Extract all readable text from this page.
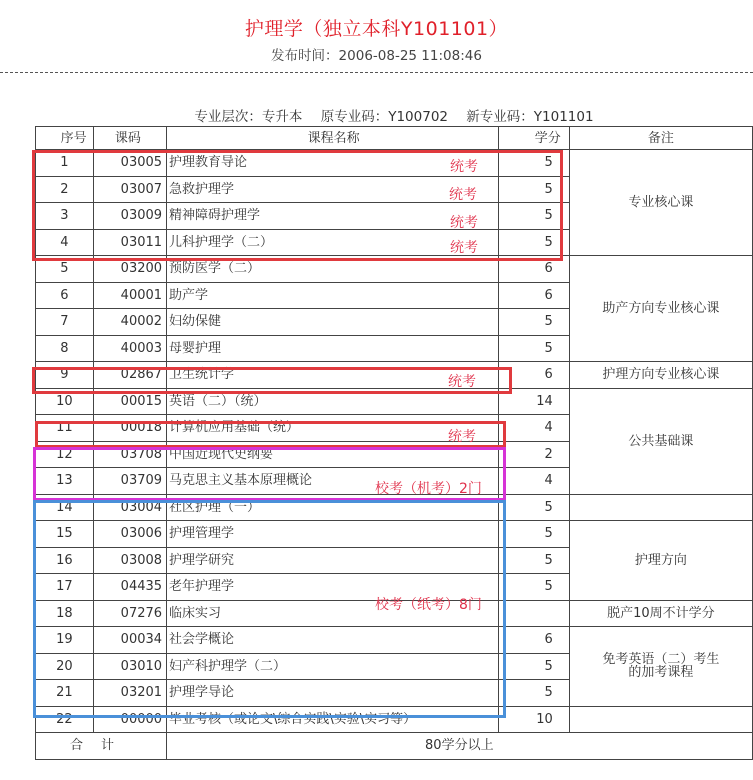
护理学（独立本科Y101101）
发布时间：2006-08-25 11:08:46
专业层次：专升本 原专业码：Y100702 新专业码：Y101101
序号	课码	课程名称	学分	备注
1	03005	护理教育导论	5	专业核心课
2	03007	急救护理学	5	
3	03009	精神障碍护理学	5	
4	03011	儿科护理学（二）	5	
5	03200	预防医学（二）	6	助产方向专业核心课
6	40001	助产学	6	
7	40002	妇幼保健	5	
8	40003	母婴护理	5	
9	02867	卫生统计学	6	护理方向专业核心课
10	00015	英语（二）（统）	14	公共基础课
11	00018	计算机应用基础（统）	4	
12	03708	中国近现代史纲要	2	
13	03709	马克思主义基本原理概论	4	
14	03004	社区护理（一）	5	
15	03006	护理管理学	5	护理方向
16	03008	护理学研究	5	
17	04435	老年护理学	5	
18	07276	临床实习		脱产10周不计学分
19	00034	社会学概论	6	免考英语（二）考生
的加考课程

20	03010	妇产科护理学（二）	5	
21	03201	护理学导论	5	
22	00000	毕业考核（或论文\综合实践\实验\实习等）	10	
合计		80学分以上		
统考
统考
统考
统考
统考
统考
校考（机考）2门
校考（纸考）8门
